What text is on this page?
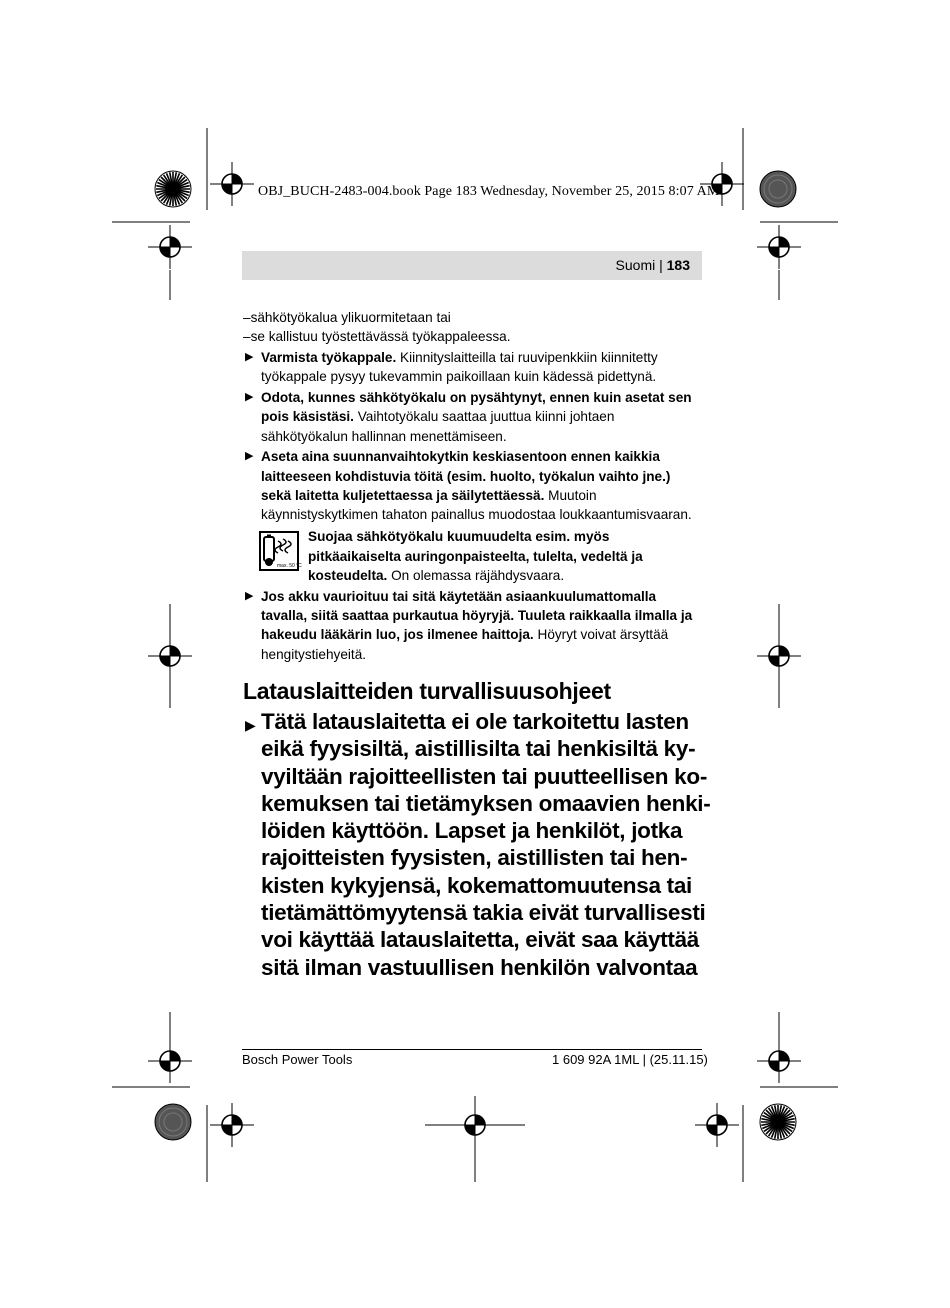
OBJ_BUCH-2483-004.book Page 183 Wednesday, November 25, 2015 8:07 AM
Suomi | 183
–sähkötyökalua ylikuormitetaan tai
–se kallistuu työstettävässä työkappaleessa.
▶ Varmista työkappale. Kiinnityslaitteilla tai ruuvipenkkiin kiinnitetty työkappale pysyy tukevammin paikoillaan kuin kädessä pidettynä.
▶ Odota, kunnes sähkötyökalu on pysähtynyt, ennen kuin asetat sen pois käsistäsi. Vaihtotyökalu saattaa juuttua kiinni johtaen sähkötyökalun hallinnan menettämiseen.
▶ Aseta aina suunnanvaihtokytkin keskiasentoon ennen kaikkia laitteeseen kohdistuvia töitä (esim. huolto, työkalun vaihto jne.) sekä laitetta kuljetettaessa ja säilytettäessä. Muutoin käynnistyskytkimen tahaton painallus muodostaa loukkaantumisvaaran.
max. 50 °C
Suojaa sähkötyökalu kuumuudelta esim. myös pitkäaikaiselta auringonpaisteelta, tulelta, vedeltä ja kosteudelta. On olemassa räjähdysvaara.
▶ Jos akku vaurioituu tai sitä käytetään asiaankuulumattomalla tavalla, siitä saattaa purkautua höyryjä. Tuuleta raikkaalla ilmalla ja hakeudu lääkärin luo, jos ilmenee haittoja. Höyryt voivat ärsyttää hengitystiehyeitä.
Latauslaitteiden turvallisuusohjeet
▶ Tätä latauslaitetta ei ole tarkoitettu lasten
eikä fyysisiltä, aistillisilta tai henkisiltä ky-
vyiltään rajoitteellisten tai puutteellisen ko-
kemuksen tai tietämyksen omaavien henki-
löiden käyttöön. Lapset ja henkilöt, jotka
rajoitteisten fyysisten, aistillisten tai hen-
kisten kykyjensä, kokemattomuutensa tai
tietämättömyytensä takia eivät turvallisesti
voi käyttää latauslaitetta, eivät saa käyttää
sitä ilman vastuullisen henkilön valvontaa
Bosch Power Tools	1 609 92A 1ML | (25.11.15)
